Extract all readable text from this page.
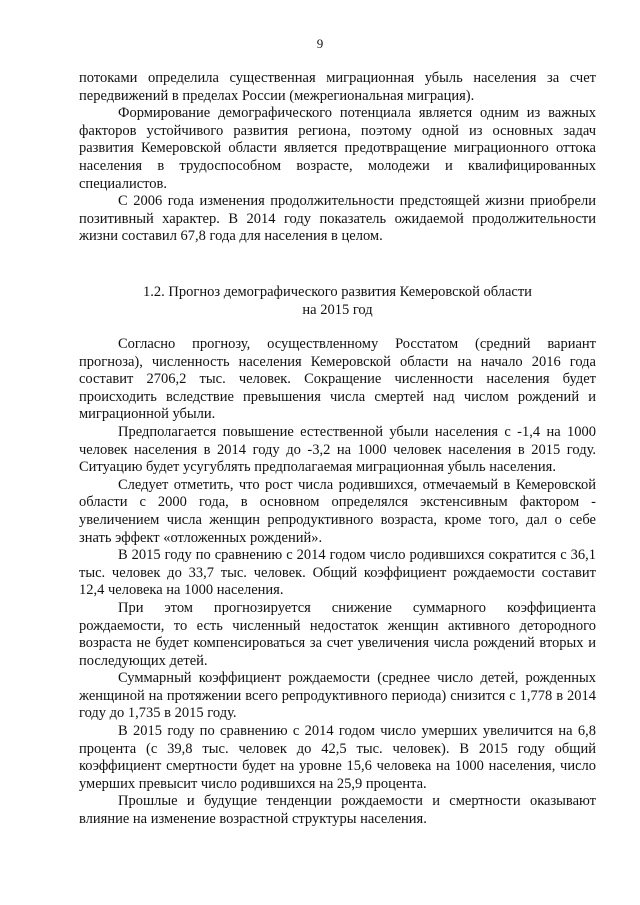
9

потоками определила существенная миграционная убыль населения за счет передвижений в пределах России (межрегиональная миграция).

Формирование демографического потенциала является одним из важных факторов устойчивого развития региона, поэтому одной из основных задач развития Кемеровской области является предотвращение миграционного оттока населения в трудоспособном возрасте, молодежи и квалифицированных специалистов.

С 2006 года изменения продолжительности предстоящей жизни приобрели позитивный характер. В 2014 году показатель ожидаемой продолжительности жизни составил 67,8 года для населения в целом.

1.2. Прогноз демографического развития Кемеровской области
на 2015 год

Согласно прогнозу, осуществленному Росстатом (средний вариант прогноза), численность населения Кемеровской области на начало 2016 года составит 2706,2 тыс. человек. Сокращение численности населения будет происходить вследствие превышения числа смертей над числом рождений и миграционной убыли.

Предполагается повышение естественной убыли населения с -1,4 на 1000 человек населения в 2014 году до -3,2 на 1000 человек населения в 2015 году. Ситуацию будет усугублять предполагаемая миграционная убыль населения.

Следует отметить, что рост числа родившихся, отмечаемый в Кемеровской области с 2000 года, в основном определялся экстенсивным фактором - увеличением числа женщин репродуктивного возраста, кроме того, дал о себе знать эффект «отложенных рождений».

В 2015 году по сравнению с 2014 годом число родившихся сократится с 36,1 тыс. человек до 33,7 тыс. человек. Общий коэффициент рождаемости составит 12,4 человека на 1000 населения.

При этом прогнозируется снижение суммарного коэффициента рождаемости, то есть численный недостаток женщин активного детородного возраста не будет компенсироваться за счет увеличения числа рождений вторых и последующих детей.

Суммарный коэффициент рождаемости (среднее число детей, рожденных женщиной на протяжении всего репродуктивного периода) снизится с 1,778 в 2014 году до 1,735 в 2015 году.

В 2015 году по сравнению с 2014 годом число умерших увеличится на 6,8 процента (с 39,8 тыс. человек до 42,5 тыс. человек). В 2015 году общий коэффициент смертности будет на уровне 15,6 человека на 1000 населения, число умерших превысит число родившихся на 25,9 процента.

Прошлые и будущие тенденции рождаемости и смертности оказывают влияние на изменение возрастной структуры населения.
